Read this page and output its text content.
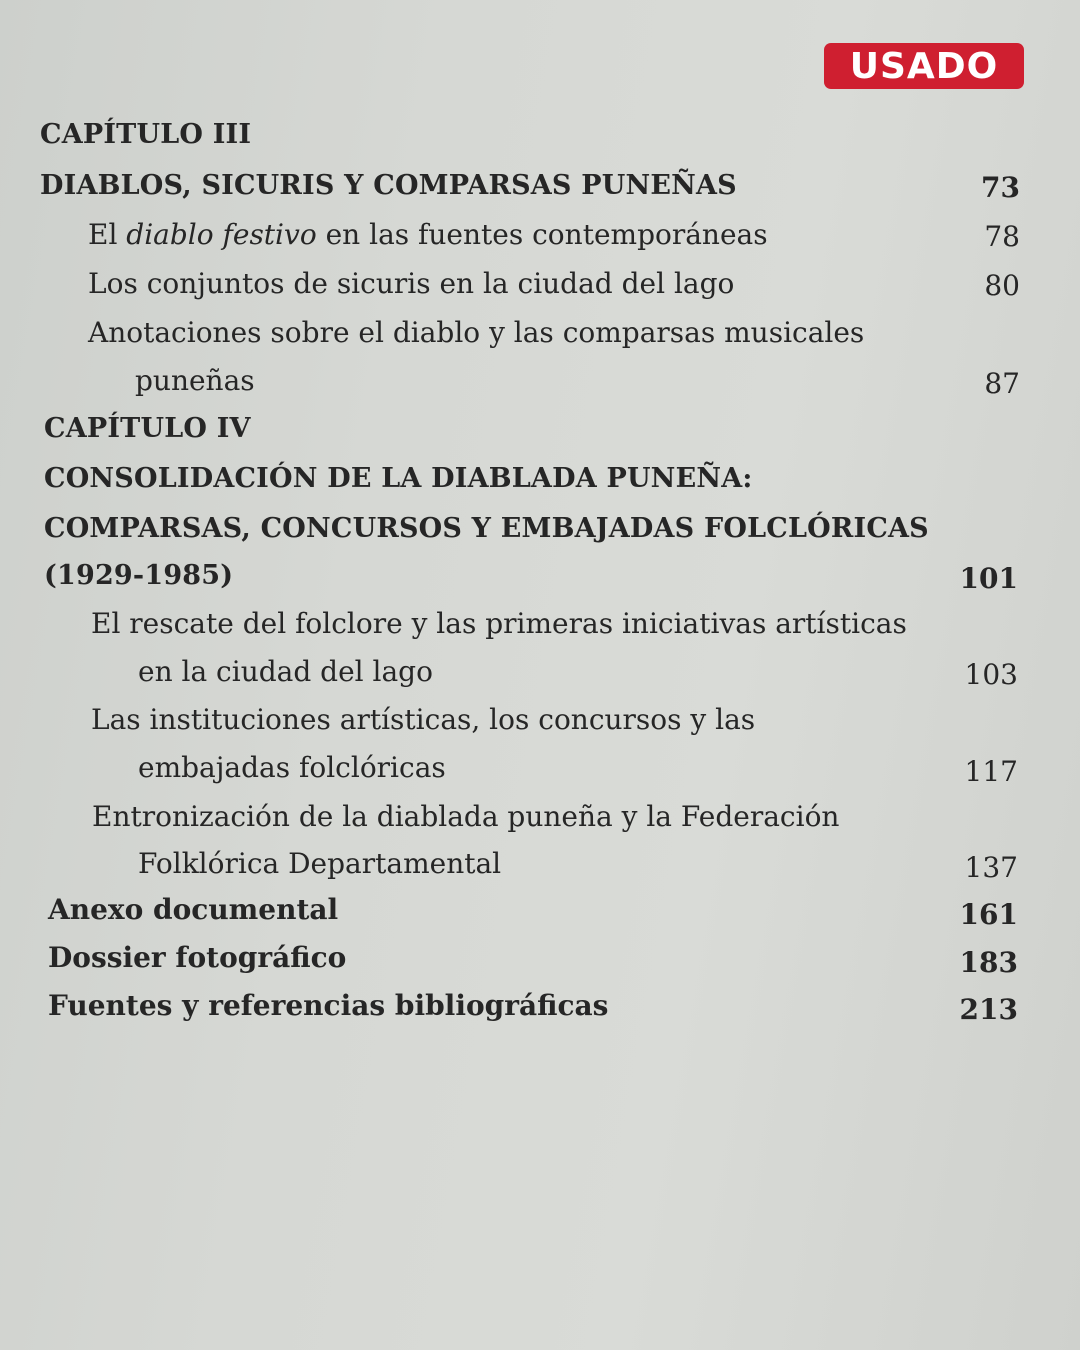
USADO
CAPÍTULO III
DIABLOS, SICURIS Y COMPARSAS PUNEÑAS	73
El diablo festivo en las fuentes contemporáneas	78
Los conjuntos de sicuris en la ciudad del lago	80
Anotaciones sobre el diablo y las comparsas musicales
puneñas	87
CAPÍTULO IV
CONSOLIDACIÓN DE LA DIABLADA PUNEÑA:
COMPARSAS, CONCURSOS Y EMBAJADAS FOLCLÓRICAS
(1929-1985)	101
El rescate del folclore y las primeras iniciativas artísticas
en la ciudad del lago	103
Las instituciones artísticas, los concursos y las
embajadas folclóricas	117
Entronización de la diablada puneña y la Federación
Folklórica Departamental	137
Anexo documental	161
Dossier fotográfico	183
Fuentes y referencias bibliográficas	213
